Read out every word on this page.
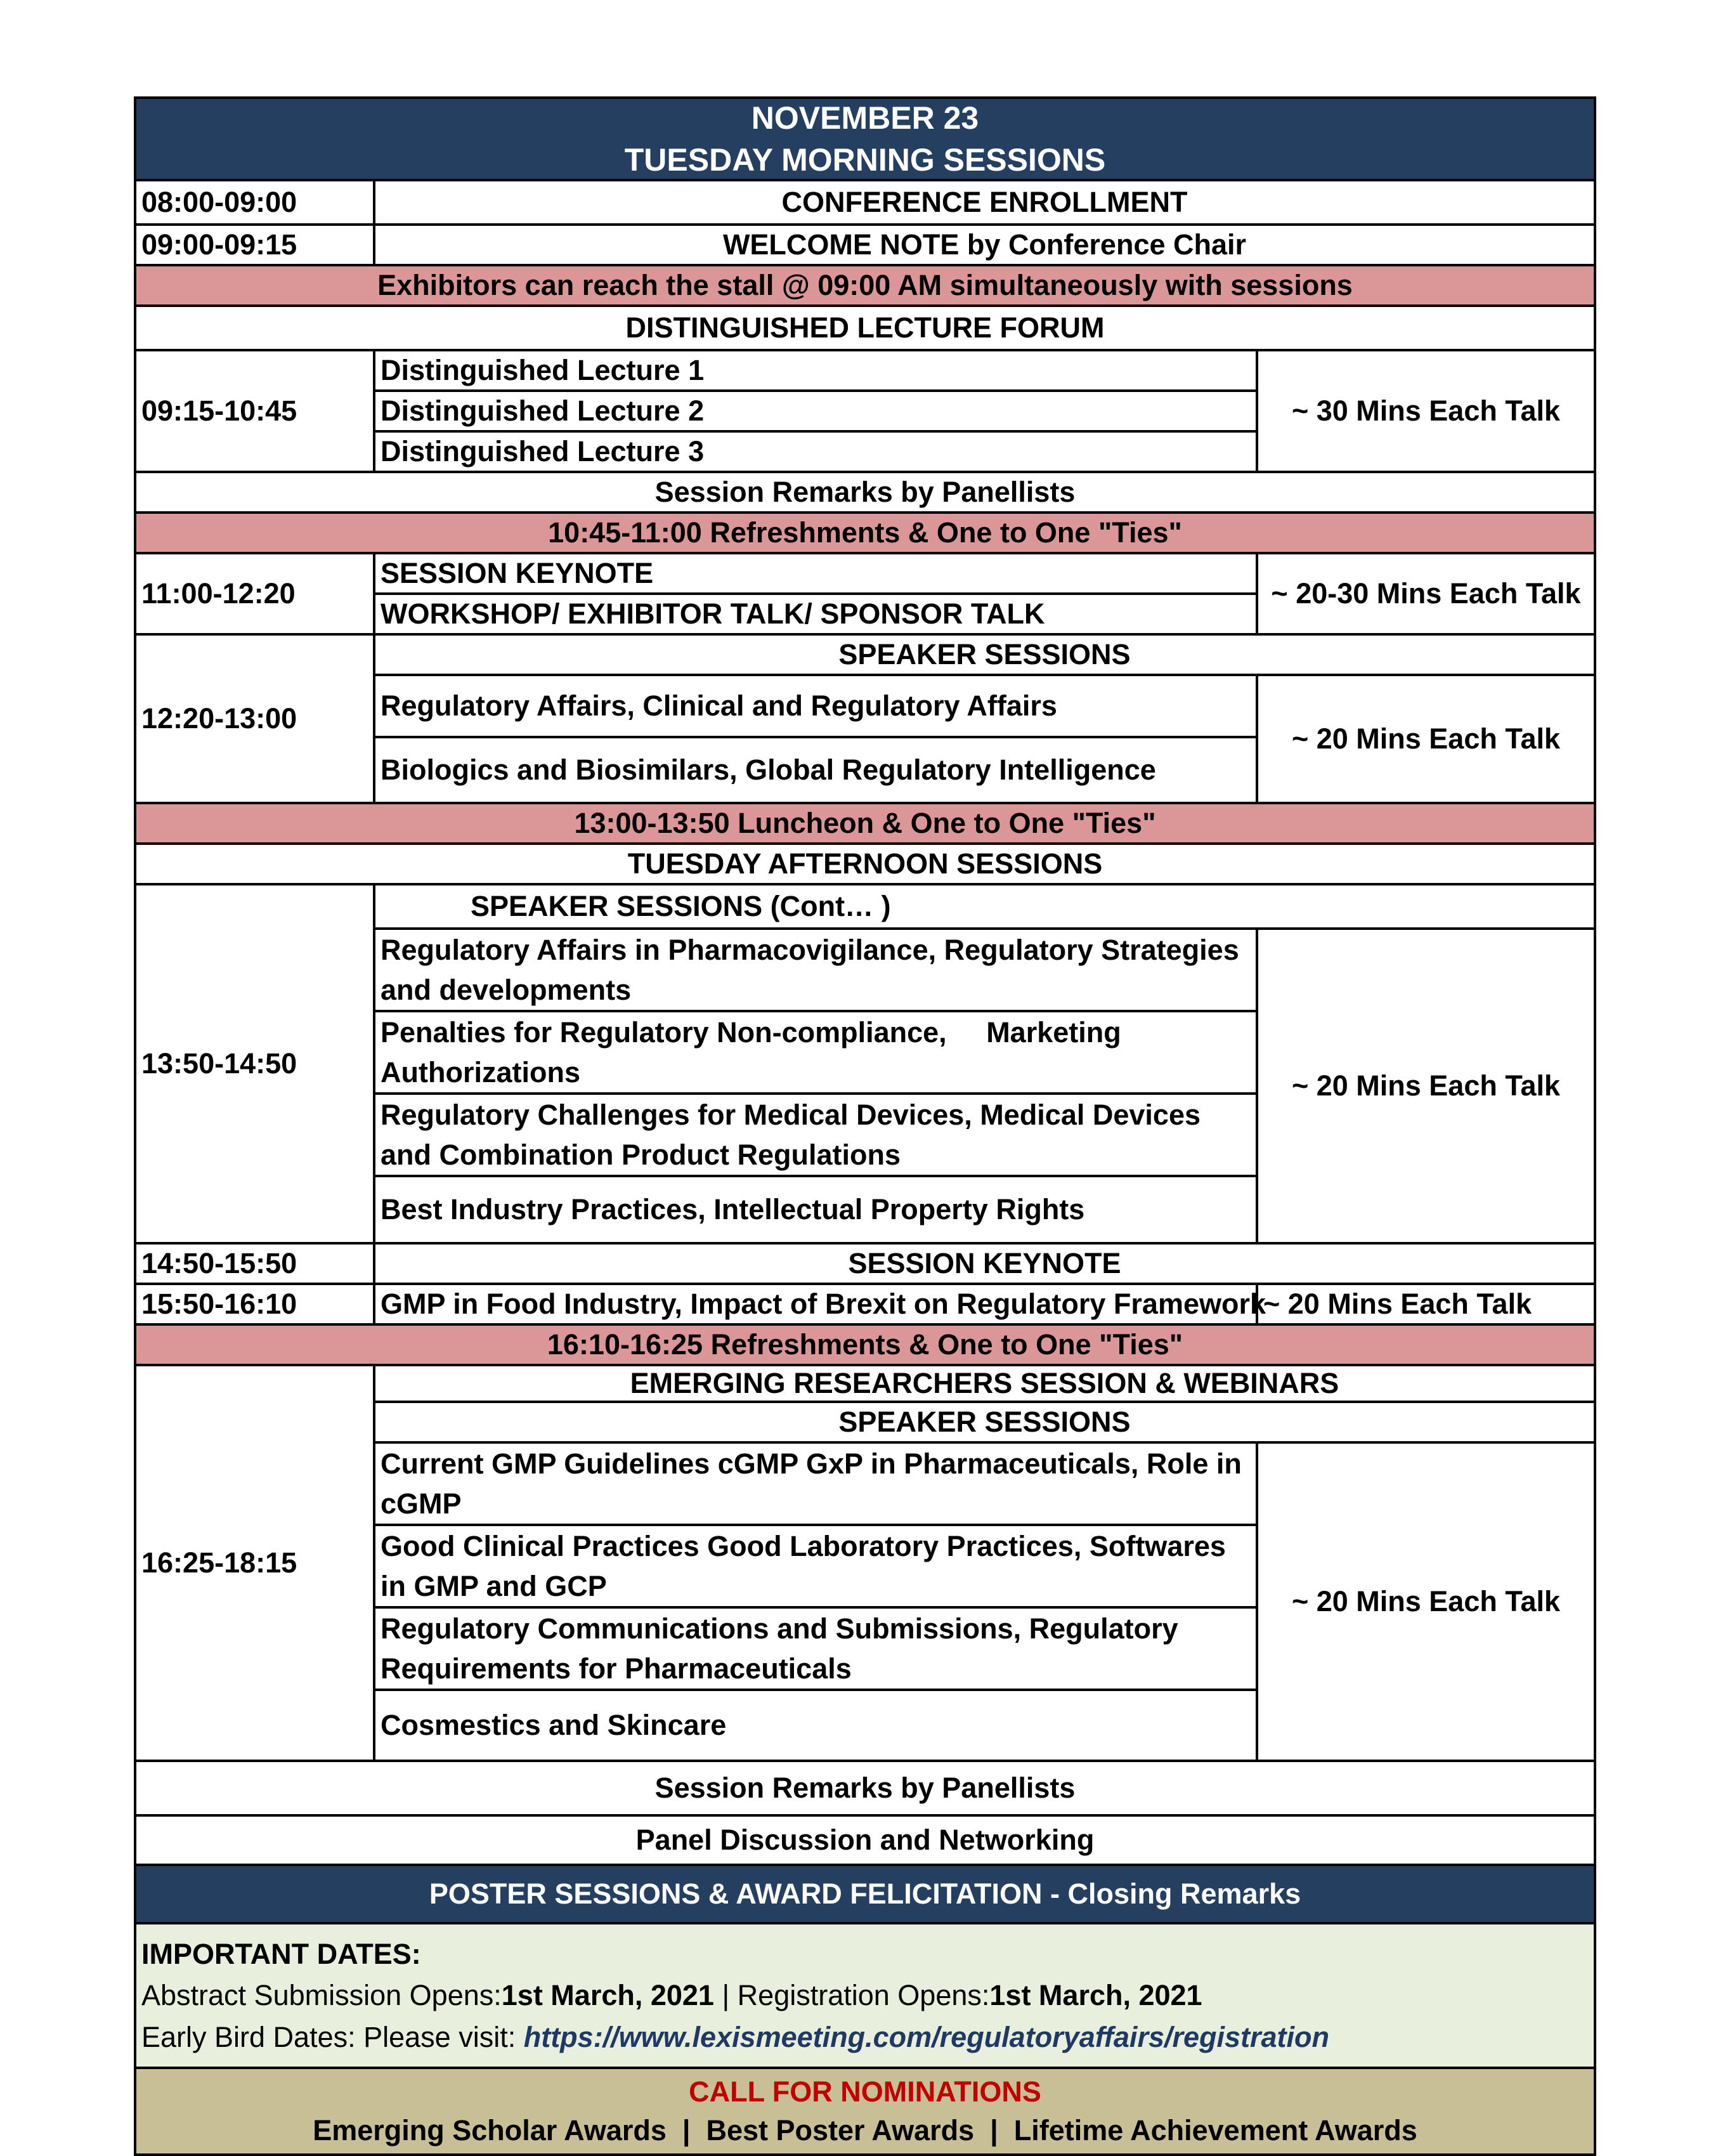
NOVEMBER 23
TUESDAY MORNING SESSIONS		

08:00-09:00	CONFERENCE ENROLLMENT	
09:00-09:15	WELCOME NOTE by Conference Chair	
Exhibitors can reach the stall @ 09:00 AM simultaneously with sessions		
DISTINGUISHED LECTURE FORUM		
09:15-10:45	Distinguished Lecture 1	~ 30 Mins Each Talk
	Distinguished Lecture 2	
	Distinguished Lecture 3	
Session Remarks by Panellists		
10:45-11:00 Refreshments & One to One "Ties"		
11:00-12:20	SESSION KEYNOTE	~ 20-30 Mins Each Talk
	WORKSHOP/ EXHIBITOR TALK/ SPONSOR TALK	
12:20-13:00	SPEAKER SESSIONS	
	Regulatory Affairs, Clinical and Regulatory Affairs	~ 20 Mins Each Talk
	Biologics and Biosimilars, Global Regulatory Intelligence	
13:00-13:50 Luncheon & One to One "Ties"		
TUESDAY AFTERNOON SESSIONS		
13:50-14:50	SPEAKER SESSIONS (Cont… )	
	Regulatory Affairs in Pharmacovigilance, Regulatory Strategies and developments	~ 20 Mins Each Talk
	Penalties for Regulatory Non-compliance,     Marketing Authorizations	
	Regulatory Challenges for Medical Devices, Medical Devices and Combination Product Regulations	
	Best Industry Practices, Intellectual Property Rights	
14:50-15:50	SESSION KEYNOTE	
15:50-16:10	GMP in Food Industry, Impact of Brexit on Regulatory Framework	~ 20 Mins Each Talk
16:10-16:25 Refreshments & One to One "Ties"		
16:25-18:15	EMERGING RESEARCHERS SESSION & WEBINARS	
	SPEAKER SESSIONS	
	Current GMP Guidelines cGMP GxP in Pharmaceuticals, Role in cGMP	~ 20 Mins Each Talk
	Good Clinical Practices Good Laboratory Practices, Softwares in GMP and GCP	
	Regulatory Communications and Submissions, Regulatory Requirements for Pharmaceuticals	
	Cosmestics and Skincare	
Session Remarks by Panellists		
Panel Discussion and Networking		
POSTER SESSIONS & AWARD FELICITATION - Closing Remarks		

IMPORTANT DATES:
Abstract Submission Opens:1st March, 2021 | Registration Opens:1st March, 2021
Early Bird Dates: Please visit: https://www.lexismeeting.com/regulatoryaffairs/registration		

CALL FOR NOMINATIONS
Emerging Scholar Awards  |  Best Poster Awards  |  Lifetime Achievement Awards		
